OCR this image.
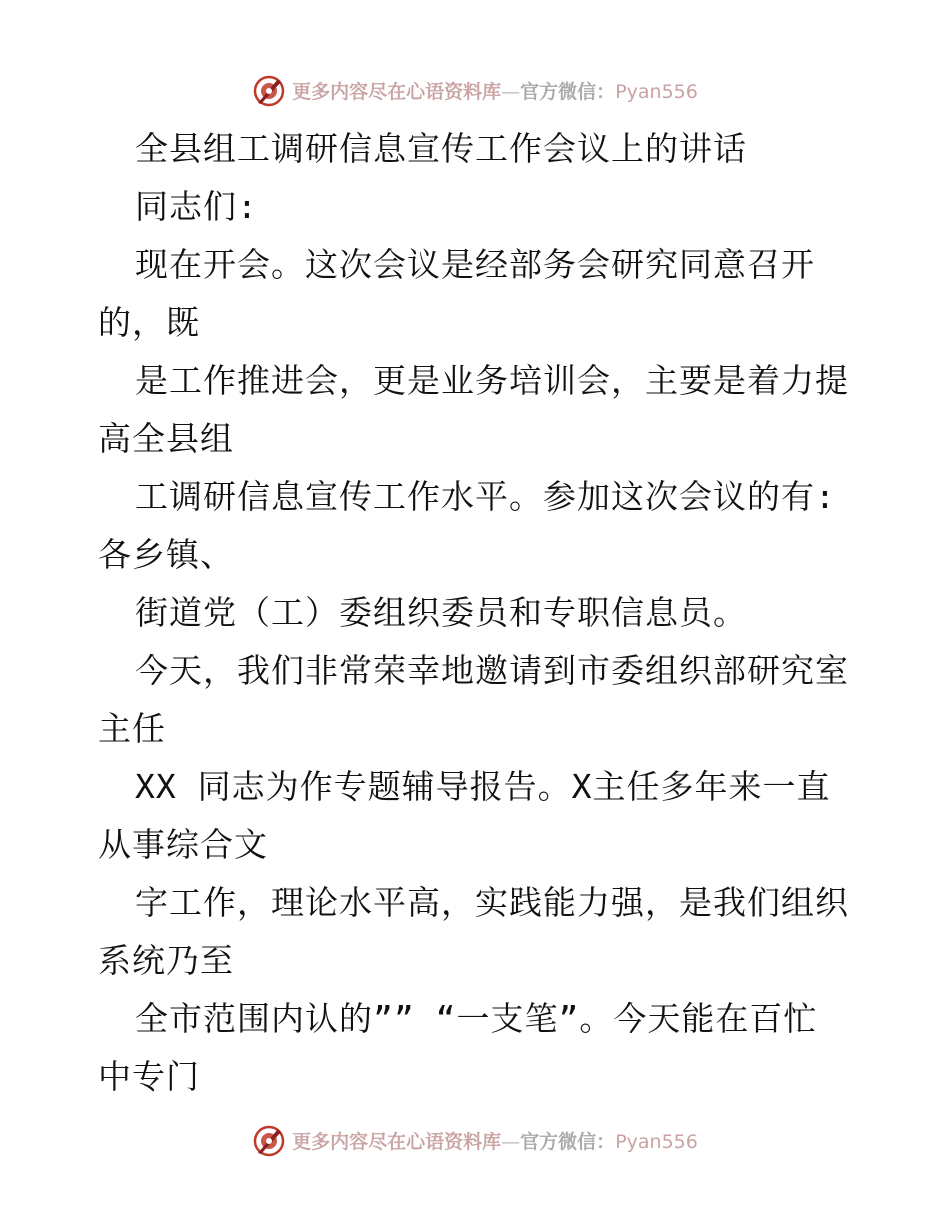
更多内容尽在心语资料库—官方微信：Pyan556
全县组工调研信息宣传工作会议上的讲话
同志们:
现在开会。这次会议是经部务会研究同意召开
的，既
是工作推进会，更是业务培训会，主要是着力提
高全县组
工调研信息宣传工作水平。参加这次会议的有:
各乡镇、
街道党（工）委组织委员和专职信息员。
今天，我们非常荣幸地邀请到市委组织部研究室
主任
XX 同志为作专题辅导报告。X主任多年来一直
从事综合文
字工作，理论水平高，实践能力强，是我们组织
系统乃至
全市范围内认的”” “一支笔”。今天能在百忙
中专门
更多内容尽在心语资料库—官方微信：Pyan556
